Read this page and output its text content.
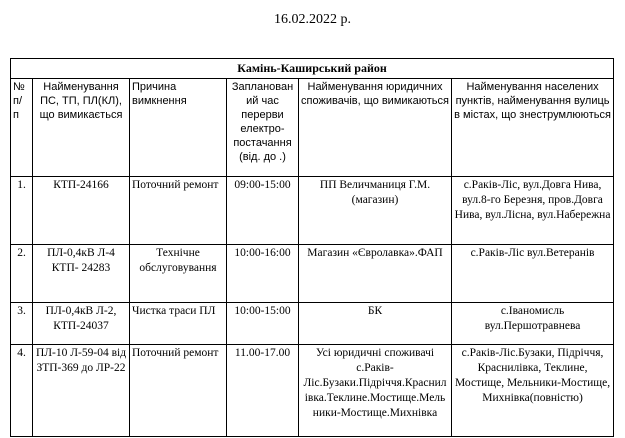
16.02.2022 р.
Камінь-Каширський район					
№ п/ п	Найменування ПС, ТП, ПЛ(КЛ), що вимикається	Причина вимкнення	Запланований час перерви електро- постачання (від. до .)	Найменування юридичних споживачів, що вимикаються	Найменування населених пунктів, найменування вулиць в містах, що знеструмлюються
1.	КТП-24166	Поточний ремонт	09:00-15:00	ПП Величманиця Г.М. (магазин)	с.Раків-Ліс, вул.Довга Нива, вул.8-го Березня, пров.Довга Нива, вул.Лісна, вул.Набережна
2.	ПЛ-0,4кВ Л-4 КТП- 24283	Технічне обслуговування	10:00-16:00	Магазин «Євролавка».ФАП	с.Раків-Ліс вул.Ветеранів
3.	ПЛ-0,4кВ Л-2, КТП-24037	Чистка траси ПЛ	10:00-15:00	БК	с.Іваномисль вул.Першотравнева
4.	ПЛ-10 Л-59-04 від ЗТП-369 до ЛР-22	Поточний ремонт	11.00-17.00	Усі юридичні споживачі с.Раків- Ліс.Бузаки.Підріччя.Краснил івка.Теклине.Мостище.Мель ники-Мостище.Михнівка	с.Раків-Ліс.Бузаки, Підріччя, Краснилівка, Теклине, Мостище, Мельники-Мостище, Михнівка(повністю)
